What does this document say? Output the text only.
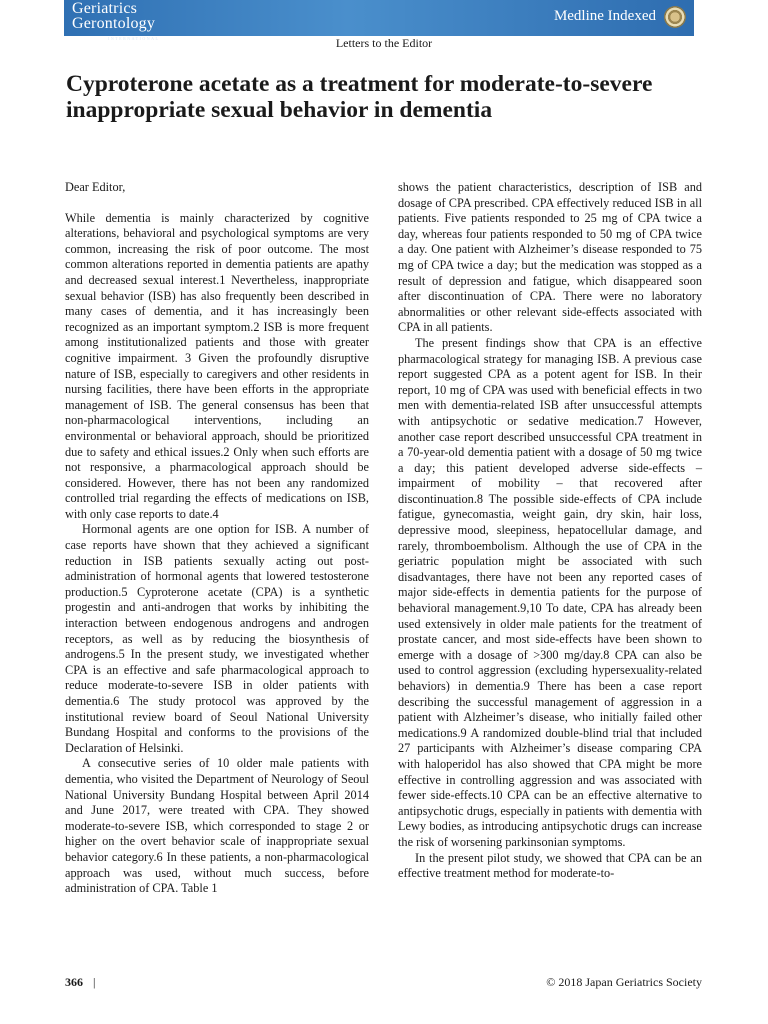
Geriatrics
Gerontology
INTERNATIONAL
Medline Indexed
Letters to the Editor
Cyproterone acetate as a treatment for moderate-to-severe inappropriate sexual behavior in dementia

Dear Editor,

While dementia is mainly characterized by cognitive alterations, behavioral and psychological symptoms are very common, increasing the risk of poor outcome. The most common alterations reported in dementia patients are apathy and decreased sexual interest.1 Nevertheless, inappropriate sexual behavior (ISB) has also frequently been described in many cases of dementia, and it has increasingly been recognized as an important symptom.2 ISB is more frequent among institutionalized patients and those with greater cognitive impairment. 3 Given the profoundly disruptive nature of ISB, especially to caregivers and other residents in nursing facilities, there have been efforts in the appropriate management of ISB. The general consensus has been that non-pharmacological interventions, including an environmental or behavioral approach, should be prioritized due to safety and ethical issues.2 Only when such efforts are not responsive, a pharmacological approach should be considered. However, there has not been any randomized controlled trial regarding the effects of medications on ISB, with only case reports to date.4

Hormonal agents are one option for ISB. A number of case reports have shown that they achieved a significant reduction in ISB patients sexually acting out post-administration of hormonal agents that lowered testosterone production.5 Cyproterone acetate (CPA) is a synthetic progestin and anti-androgen that works by inhibiting the interaction between endogenous androgens and androgen receptors, as well as by reducing the biosynthesis of androgens.5 In the present study, we investigated whether CPA is an effective and safe pharmacological approach to reduce moderate-to-severe ISB in older patients with dementia.6 The study protocol was approved by the institutional review board of Seoul National University Bundang Hospital and conforms to the provisions of the Declaration of Helsinki.

A consecutive series of 10 older male patients with dementia, who visited the Department of Neurology of Seoul National University Bundang Hospital between April 2014 and June 2017, were treated with CPA. They showed moderate-to-severe ISB, which corresponded to stage 2 or higher on the overt behavior scale of inappropriate sexual behavior category.6 In these patients, a non-pharmacological approach was used, without much success, before administration of CPA. Table 1

shows the patient characteristics, description of ISB and dosage of CPA prescribed. CPA effectively reduced ISB in all patients. Five patients responded to 25 mg of CPA twice a day, whereas four patients responded to 50 mg of CPA twice a day. One patient with Alzheimer’s disease responded to 75 mg of CPA twice a day; but the medication was stopped as a result of depression and fatigue, which disappeared soon after discontinuation of CPA. There were no laboratory abnormalities or other relevant side-effects associated with CPA in all patients.

The present findings show that CPA is an effective pharmacological strategy for managing ISB. A previous case report suggested CPA as a potent agent for ISB. In their report, 10 mg of CPA was used with beneficial effects in two men with dementia-related ISB after unsuccessful attempts with antipsychotic or sedative medication.7 However, another case report described unsuccessful CPA treatment in a 70-year-old dementia patient with a dosage of 50 mg twice a day; this patient developed adverse side-effects – impairment of mobility – that recovered after discontinuation.8 The possible side-effects of CPA include fatigue, gynecomastia, weight gain, dry skin, hair loss, depressive mood, sleepiness, hepatocellular damage, and rarely, thromboembolism. Although the use of CPA in the geriatric population might be associated with such disadvantages, there have not been any reported cases of major side-effects in dementia patients for the purpose of behavioral management.9,10 To date, CPA has already been used extensively in older male patients for the treatment of prostate cancer, and most side-effects have been shown to emerge with a dosage of >300 mg/day.8 CPA can also be used to control aggression (excluding hypersexuality-related behaviors) in dementia.9 There has been a case report describing the successful management of aggression in a patient with Alzheimer’s disease, who initially failed other medications.9 A randomized double-blind trial that included 27 participants with Alzheimer’s disease comparing CPA with haloperidol has also showed that CPA might be more effective in controlling aggression and was associated with fewer side-effects.10 CPA can be an effective alternative to antipsychotic drugs, especially in patients with dementia with Lewy bodies, as introducing antipsychotic drugs can increase the risk of worsening parkinsonian symptoms.

In the present pilot study, we showed that CPA can be an effective treatment method for moderate-to-

366 |	© 2018 Japan Geriatrics Society
